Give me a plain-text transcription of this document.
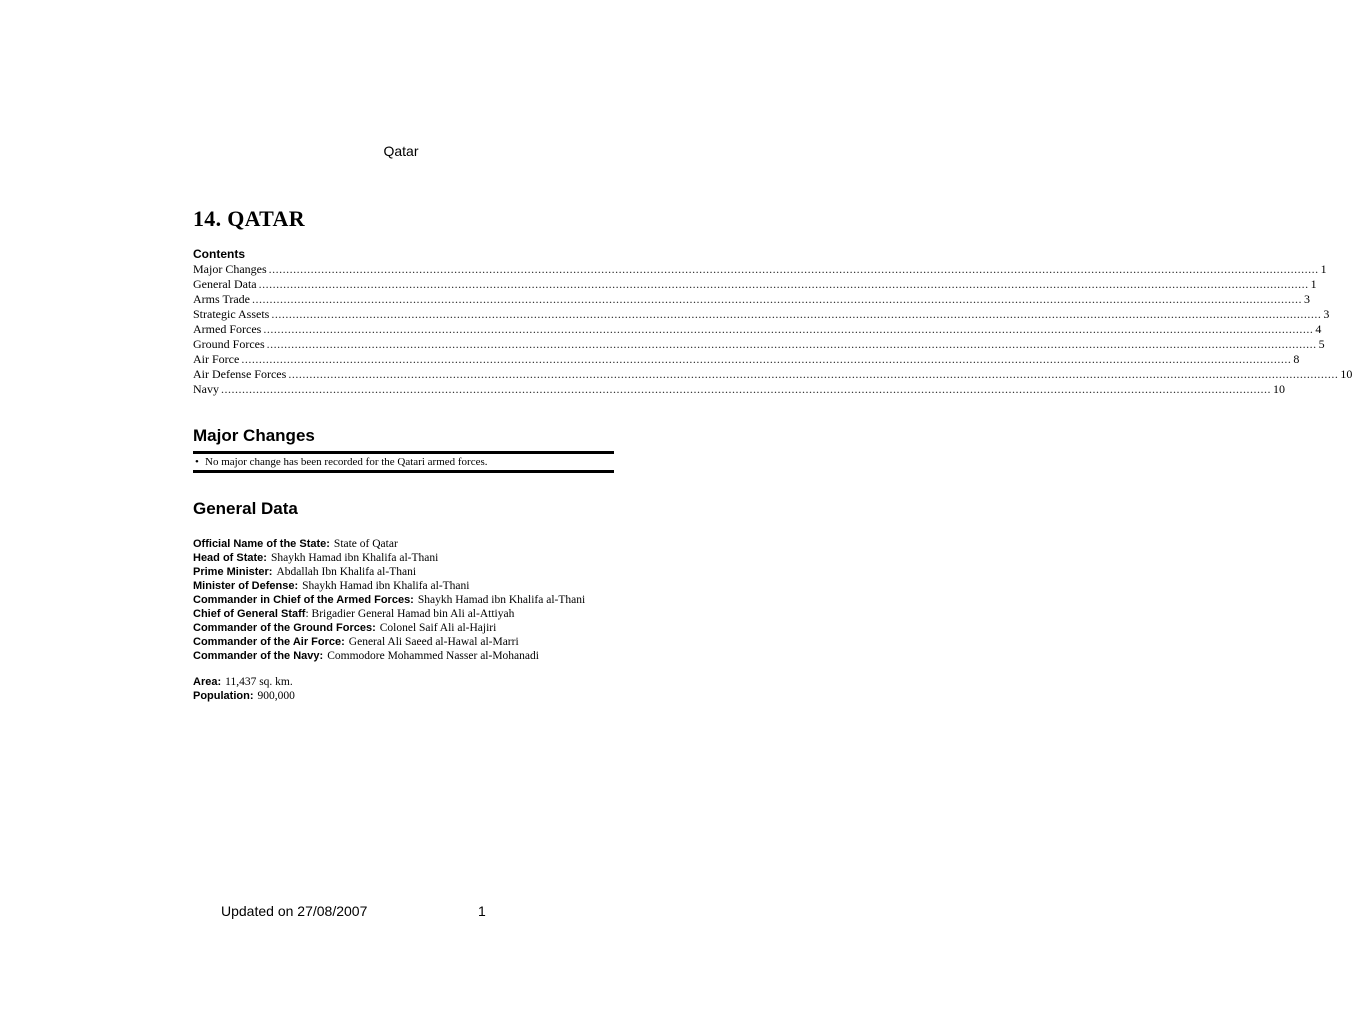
Qatar
14. QATAR
Contents
Major Changes ............................................................................................................................................................................................................................................................................................................ 1
General Data ............................................................................................................................................................................................................................................................................................................ 1
Arms Trade ............................................................................................................................................................................................................................................................................................................ 3
Strategic Assets ............................................................................................................................................................................................................................................................................................................ 3
Armed Forces ............................................................................................................................................................................................................................................................................................................ 4
Ground Forces ............................................................................................................................................................................................................................................................................................................ 5
Air Force ............................................................................................................................................................................................................................................................................................................ 8
Air Defense Forces ............................................................................................................................................................................................................................................................................................................ 10
Navy ............................................................................................................................................................................................................................................................................................................ 10
Major Changes
• No major change has been recorded for the Qatari armed forces.
General Data
Official Name of the State: State of Qatar
Head of State: Shaykh Hamad ibn Khalifa al-Thani
Prime Minister: Abdallah Ibn Khalifa al-Thani
Minister of Defense: Shaykh Hamad ibn Khalifa al-Thani
Commander in Chief of the Armed Forces: Shaykh Hamad ibn Khalifa al-Thani
Chief of General Staff: Brigadier General Hamad bin Ali al-Attiyah
Commander of the Ground Forces: Colonel Saif Ali al-Hajiri
Commander of the Air Force: General Ali Saeed al-Hawal al-Marri
Commander of the Navy: Commodore Mohammed Nasser al-Mohanadi
Area: 11,437 sq. km.
Population: 900,000
Updated on 27/08/2007	1
